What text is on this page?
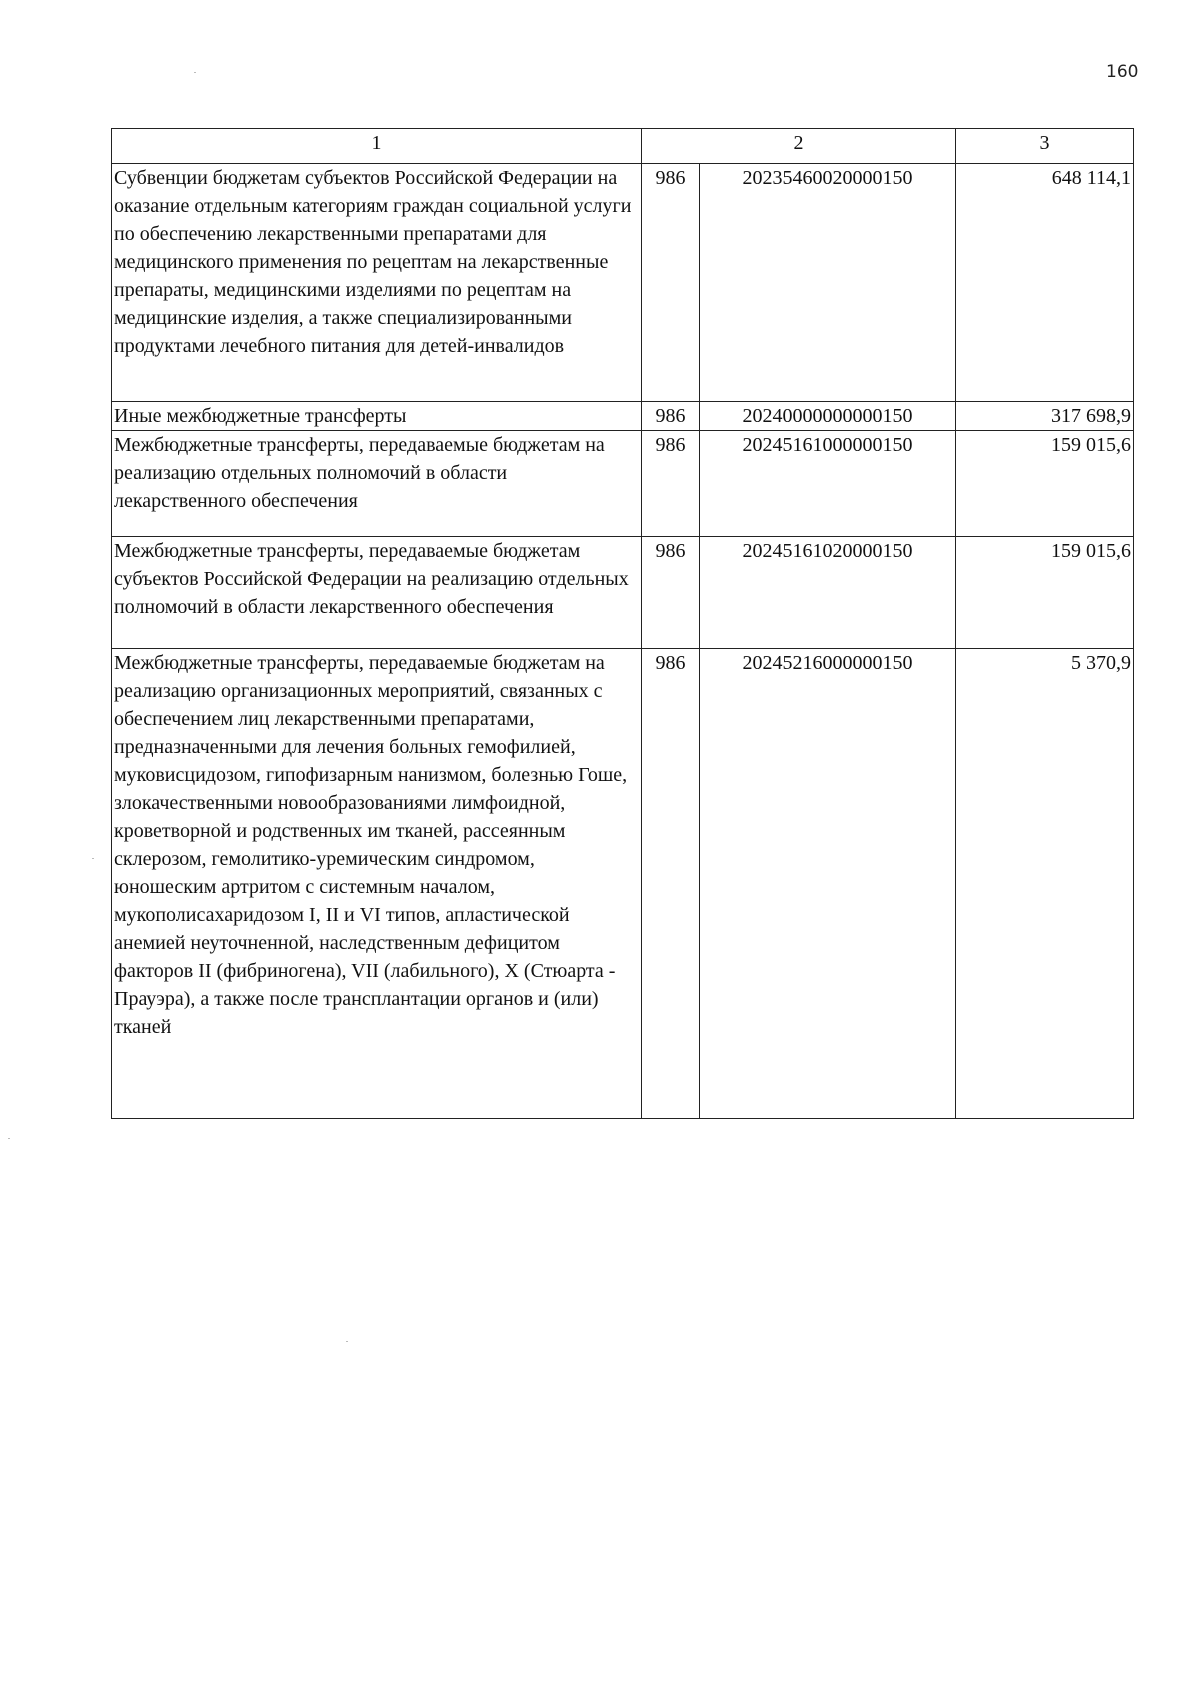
160
1	2		3
Субвенции бюджетам субъектов Российской Федерации на оказание отдельным категориям граждан социальной услуги по обеспечению лекарственными препаратами для медицинского применения по рецептам на лекарственные препараты, медицинскими изделиями по рецептам на медицинские изделия, а также специализированными продуктами лечебного питания для детей-инвалидов	986	20235460020000150	648 114,1
Иные межбюджетные трансферты	986	20240000000000150	317 698,9
Межбюджетные трансферты, передаваемые бюджетам на реализацию отдельных полномочий в области лекарственного обеспечения	986	20245161000000150	159 015,6
Межбюджетные трансферты, передаваемые бюджетам субъектов Российской Федерации на реализацию отдельных полномочий в области лекарственного обеспечения	986	20245161020000150	159 015,6
Межбюджетные трансферты, передаваемые бюджетам на реализацию организационных мероприятий, связанных с обеспечением лиц лекарственными препаратами, предназначенными для лечения больных гемофилией, муковисцидозом, гипофизарным нанизмом, болезнью Гоше, злокачественными новообразованиями лимфоидной, кроветворной и родственных им тканей, рассеянным склерозом, гемолитико-уремическим синдромом, юношеским артритом с системным началом, мукополисахаридозом I, II и VI типов, апластической анемией неуточненной, наследственным дефицитом факторов II (фибриногена), VII (лабильного), X (Стюарта - Прауэра), а также после трансплантации органов и (или) тканей	986	20245216000000150	5 370,9
